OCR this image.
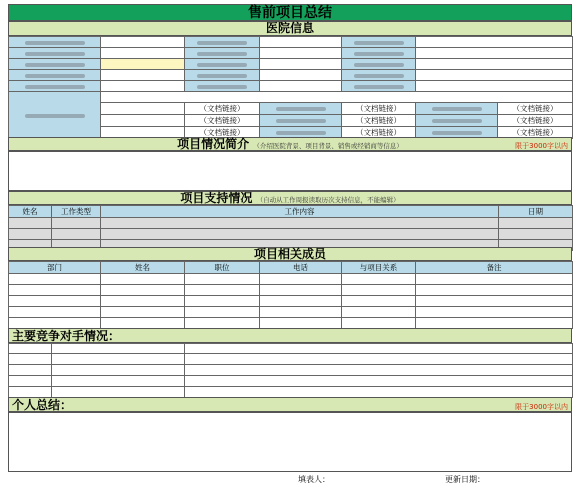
售前项目总结
医院信息

		（文档链接）		（文档链接）		（文档链接）
		（文档链接）		（文档链接）		（文档链接）
		（文档链接）		（文档链接）		（文档链接）
项目情况简介 （介绍医院背景、项目背景、销售或经销商等信息）	限于3000字以内
项目支持情况 （自动从工作周报读取历次支持信息，不能编辑）
姓名	工作类型	工作内容	日期

项目相关成员
部门	姓名	职位	电话	与项目关系	备注

主要竞争对手情况：

个人总结：	限于3000字以内
填表人：	更新日期：
